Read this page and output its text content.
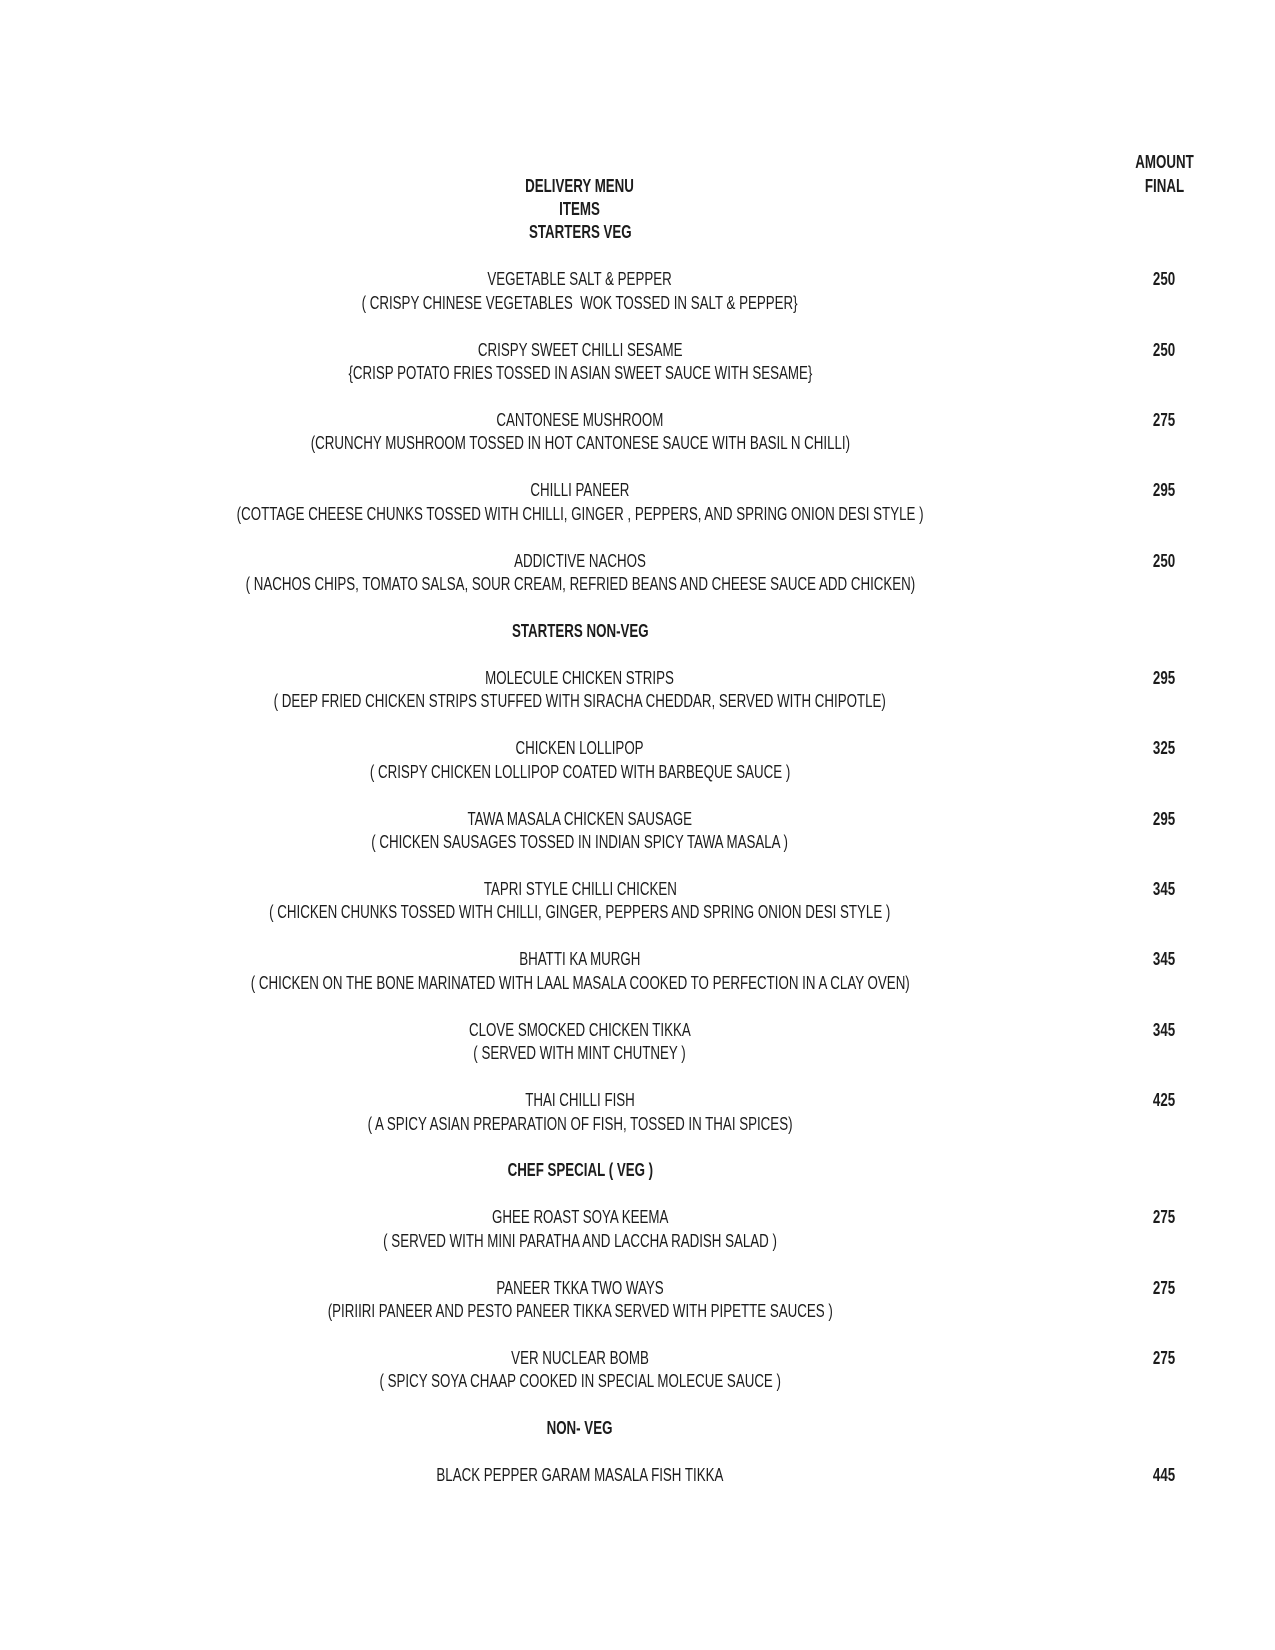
AMOUNT
DELIVERY MENU	FINAL
ITEMS
STARTERS VEG
VEGETABLE SALT & PEPPER	250
( CRISPY CHINESE VEGETABLES  WOK TOSSED IN SALT & PEPPER}
CRISPY SWEET CHILLI SESAME	250
{CRISP POTATO FRIES TOSSED IN ASIAN SWEET SAUCE WITH SESAME}
CANTONESE MUSHROOM	275
(CRUNCHY MUSHROOM TOSSED IN HOT CANTONESE SAUCE WITH BASIL N CHILLI)
CHILLI PANEER	295
(COTTAGE CHEESE CHUNKS TOSSED WITH CHILLI, GINGER , PEPPERS, AND SPRING ONION DESI STYLE )
ADDICTIVE NACHOS	250
( NACHOS CHIPS, TOMATO SALSA, SOUR CREAM, REFRIED BEANS AND CHEESE SAUCE ADD CHICKEN)
STARTERS NON-VEG
MOLECULE CHICKEN STRIPS	295
( DEEP FRIED CHICKEN STRIPS STUFFED WITH SIRACHA CHEDDAR, SERVED WITH CHIPOTLE)
CHICKEN LOLLIPOP	325
( CRISPY CHICKEN LOLLIPOP COATED WITH BARBEQUE SAUCE )
TAWA MASALA CHICKEN SAUSAGE	295
( CHICKEN SAUSAGES TOSSED IN INDIAN SPICY TAWA MASALA )
TAPRI STYLE CHILLI CHICKEN	345
( CHICKEN CHUNKS TOSSED WITH CHILLI, GINGER, PEPPERS AND SPRING ONION DESI STYLE )
BHATTI KA MURGH	345
( CHICKEN ON THE BONE MARINATED WITH LAAL MASALA COOKED TO PERFECTION IN A CLAY OVEN)
CLOVE SMOCKED CHICKEN TIKKA	345
( SERVED WITH MINT CHUTNEY )
THAI CHILLI FISH	425
( A SPICY ASIAN PREPARATION OF FISH, TOSSED IN THAI SPICES)
CHEF SPECIAL ( VEG )
GHEE ROAST SOYA KEEMA	275
( SERVED WITH MINI PARATHA AND LACCHA RADISH SALAD )
PANEER TKKA TWO WAYS	275
(PIRIIRI PANEER AND PESTO PANEER TIKKA SERVED WITH PIPETTE SAUCES )
VER NUCLEAR BOMB	275
( SPICY SOYA CHAAP COOKED IN SPECIAL MOLECUE SAUCE )
NON- VEG
BLACK PEPPER GARAM MASALA FISH TIKKA	445
